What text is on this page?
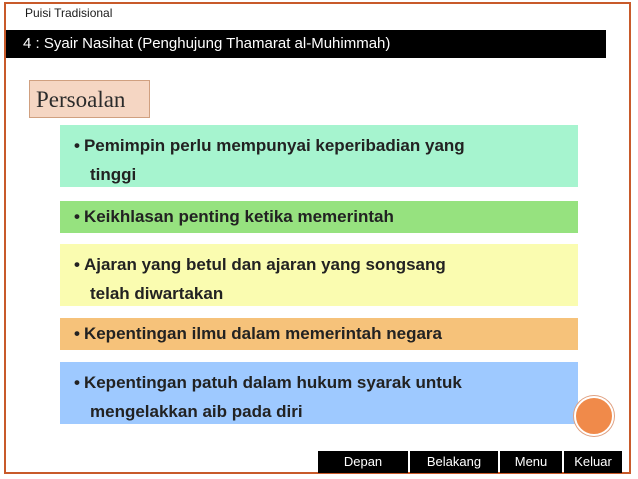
Puisi Tradisional
4 : Syair Nasihat (Penghujung Thamarat al-Muhimmah)
Persoalan
• Pemimpin perlu mempunyai keperibadian yang
tinggi
• Keikhlasan penting ketika memerintah
• Ajaran yang betul dan ajaran yang songsang
telah diwartakan
• Kepentingan ilmu dalam memerintah negara
• Kepentingan patuh dalam hukum syarak untuk
mengelakkan aib pada diri
Depan	Belakang	Menu	Keluar
